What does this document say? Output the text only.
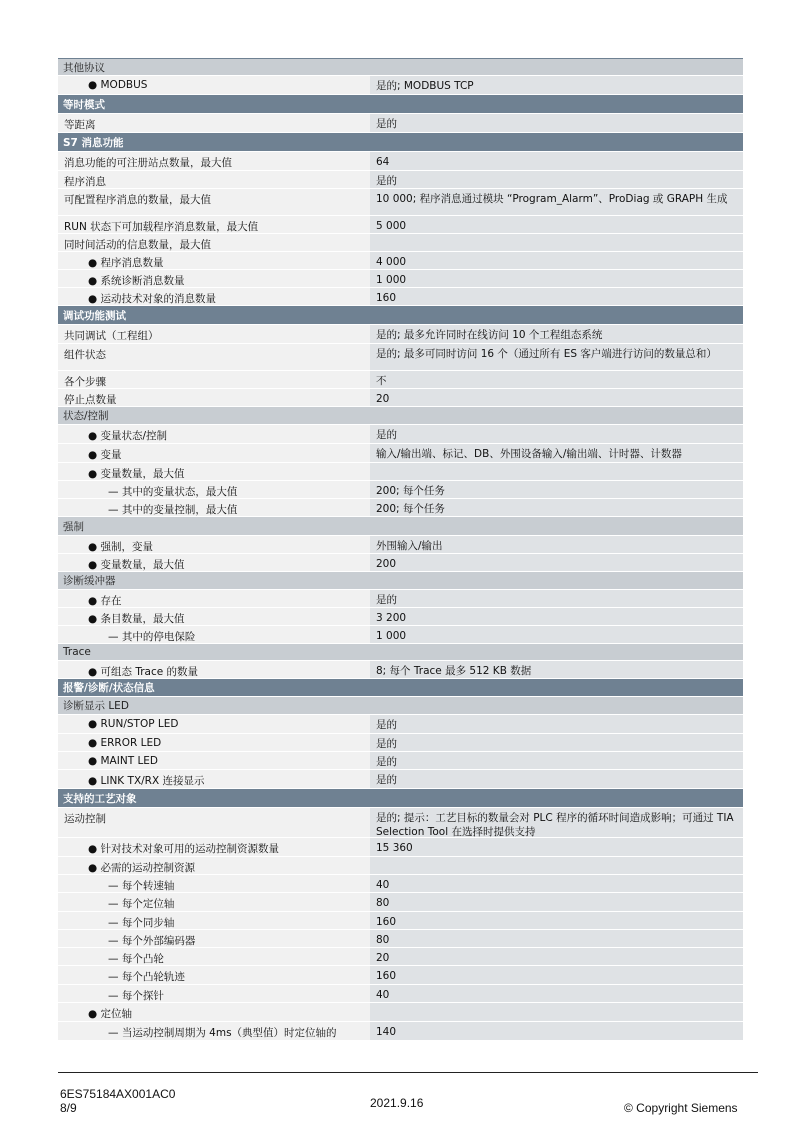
其他协议
● MODBUS	是的; MODBUS TCP
等时模式
等距离	是的
S7 消息功能
消息功能的可注册站点数量，最大值	64
程序消息	是的
可配置程序消息的数量，最大值	10 000; 程序消息通过模块 “Program_Alarm”、ProDiag 或 GRAPH 生成
RUN 状态下可加载程序消息数量，最大值	5 000
同时间活动的信息数量，最大值
● 程序消息数量	4 000
● 系统诊断消息数量	1 000
● 运动技术对象的消息数量	160
调试功能测试
共同调试（工程组）	是的; 最多允许同时在线访问 10 个工程组态系统
组件状态	是的; 最多可同时访问 16 个（通过所有 ES 客户端进行访问的数量总和）
各个步骤	不
停止点数量	20
状态/控制
● 变量状态/控制	是的
● 变量	输入/输出端、标记、DB、外围设备输入/输出端、计时器、计数器
● 变量数量，最大值
— 其中的变量状态，最大值	200; 每个任务
— 其中的变量控制，最大值	200; 每个任务
强制
● 强制，变量	外围输入/输出
● 变量数量，最大值	200
诊断缓冲器
● 存在	是的
● 条目数量，最大值	3 200
— 其中的停电保险	1 000
Trace
● 可组态 Trace 的数量	8; 每个 Trace 最多 512 KB 数据
报警/诊断/状态信息
诊断显示 LED
● RUN/STOP LED	是的
● ERROR LED	是的
● MAINT LED	是的
● LINK TX/RX 连接显示	是的
支持的工艺对象
运动控制	是的; 提示：工艺目标的数量会对 PLC 程序的循环时间造成影响；可通过 TIA Selection Tool 在选择时提供支持
● 针对技术对象可用的运动控制资源数量	15 360
● 必需的运动控制资源
— 每个转速轴	40
— 每个定位轴	80
— 每个同步轴	160
— 每个外部编码器	80
— 每个凸轮	20
— 每个凸轮轨迹	160
— 每个探针	40
● 定位轴
— 当运动控制周期为 4ms（典型值）时定位轴的	140
6ES75184AX001AC0
8/9	2021.9.16	© Copyright Siemens
